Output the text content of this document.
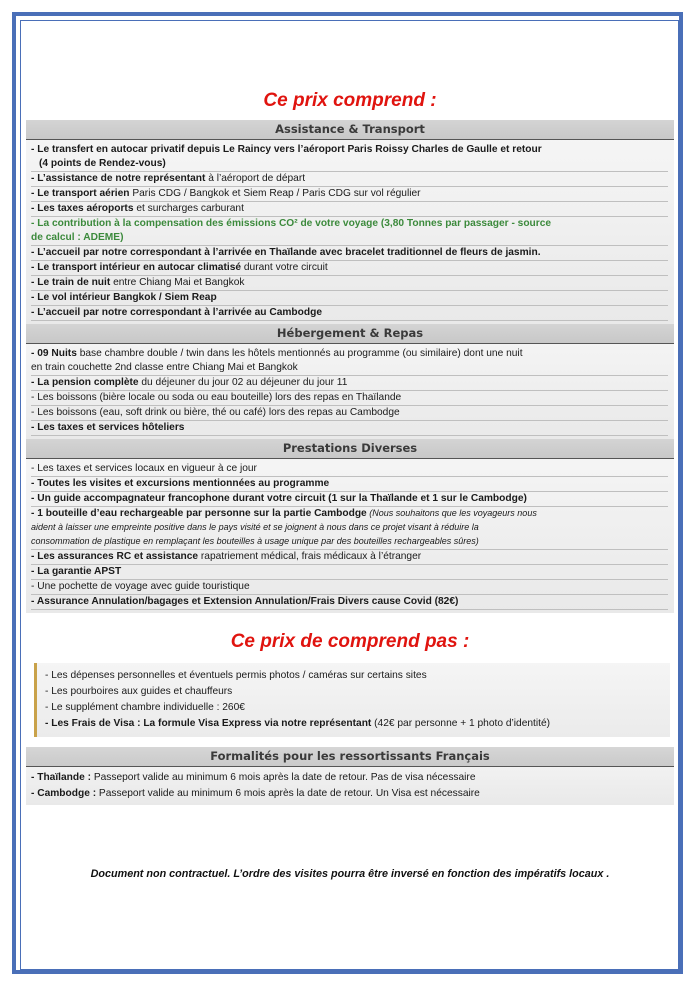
Ce prix comprend :
Assistance & Transport
- Le transfert en autocar privatif depuis Le Raincy vers l’aéroport Paris Roissy Charles de Gaulle et retour
(4 points de Rendez-vous)
- L’assistance de notre représentant à l’aéroport de départ
- Le transport aérien Paris CDG / Bangkok et Siem Reap / Paris CDG sur vol régulier
- Les taxes aéroports et surcharges carburant
- La contribution à la compensation des émissions CO² de votre voyage (3,80 Tonnes par passager - source
de calcul : ADEME)
- L’accueil par notre correspondant à l’arrivée en Thaïlande avec bracelet traditionnel de fleurs de jasmin.
- Le transport intérieur en autocar climatisé durant votre circuit
- Le train de nuit entre Chiang Mai et Bangkok
- Le vol intérieur Bangkok / Siem Reap
- L’accueil par notre correspondant à l’arrivée au Cambodge
Hébergement & Repas
- 09 Nuits base chambre double / twin dans les hôtels mentionnés au programme (ou similaire) dont une nuit
en train couchette 2nd classe entre Chiang Mai et Bangkok
- La pension complète du déjeuner du jour 02 au déjeuner du jour 11
- Les boissons (bière locale ou soda ou eau bouteille) lors des repas en Thaïlande
- Les boissons (eau, soft drink ou bière, thé ou café) lors des repas au Cambodge
- Les taxes et services hôteliers
Prestations Diverses
- Les taxes et services locaux en vigueur à ce jour
- Toutes les visites et excursions mentionnées au programme
- Un guide accompagnateur francophone durant votre circuit (1 sur la Thaïlande et 1 sur le Cambodge)
- 1 bouteille d’eau rechargeable par personne sur la partie Cambodge (Nous souhaitons que les voyageurs nous
aident à laisser une empreinte positive dans le pays visité et se joignent à nous dans ce projet visant à réduire la
consommation de plastique en remplaçant les bouteilles à usage unique par des bouteilles rechargeables sûres)
- Les assurances RC et assistance rapatriement médical, frais médicaux à l’étranger
- La garantie APST
- Une pochette de voyage avec guide touristique
- Assurance Annulation/bagages et Extension Annulation/Frais Divers cause Covid (82€)
Ce prix de comprend pas :
- Les dépenses personnelles et éventuels permis photos / caméras sur certains sites
- Les pourboires aux guides et chauffeurs
- Le supplément chambre individuelle : 260€
- Les Frais de Visa : La formule Visa Express via notre représentant (42€ par personne + 1 photo d’identité)
Formalités pour les ressortissants Français
- Thaïlande : Passeport valide au minimum 6 mois après la date de retour. Pas de visa nécessaire
- Cambodge : Passeport valide au minimum 6 mois après la date de retour. Un Visa est nécessaire
Document non contractuel. L’ordre des visites pourra être inversé en fonction des impératifs locaux .
